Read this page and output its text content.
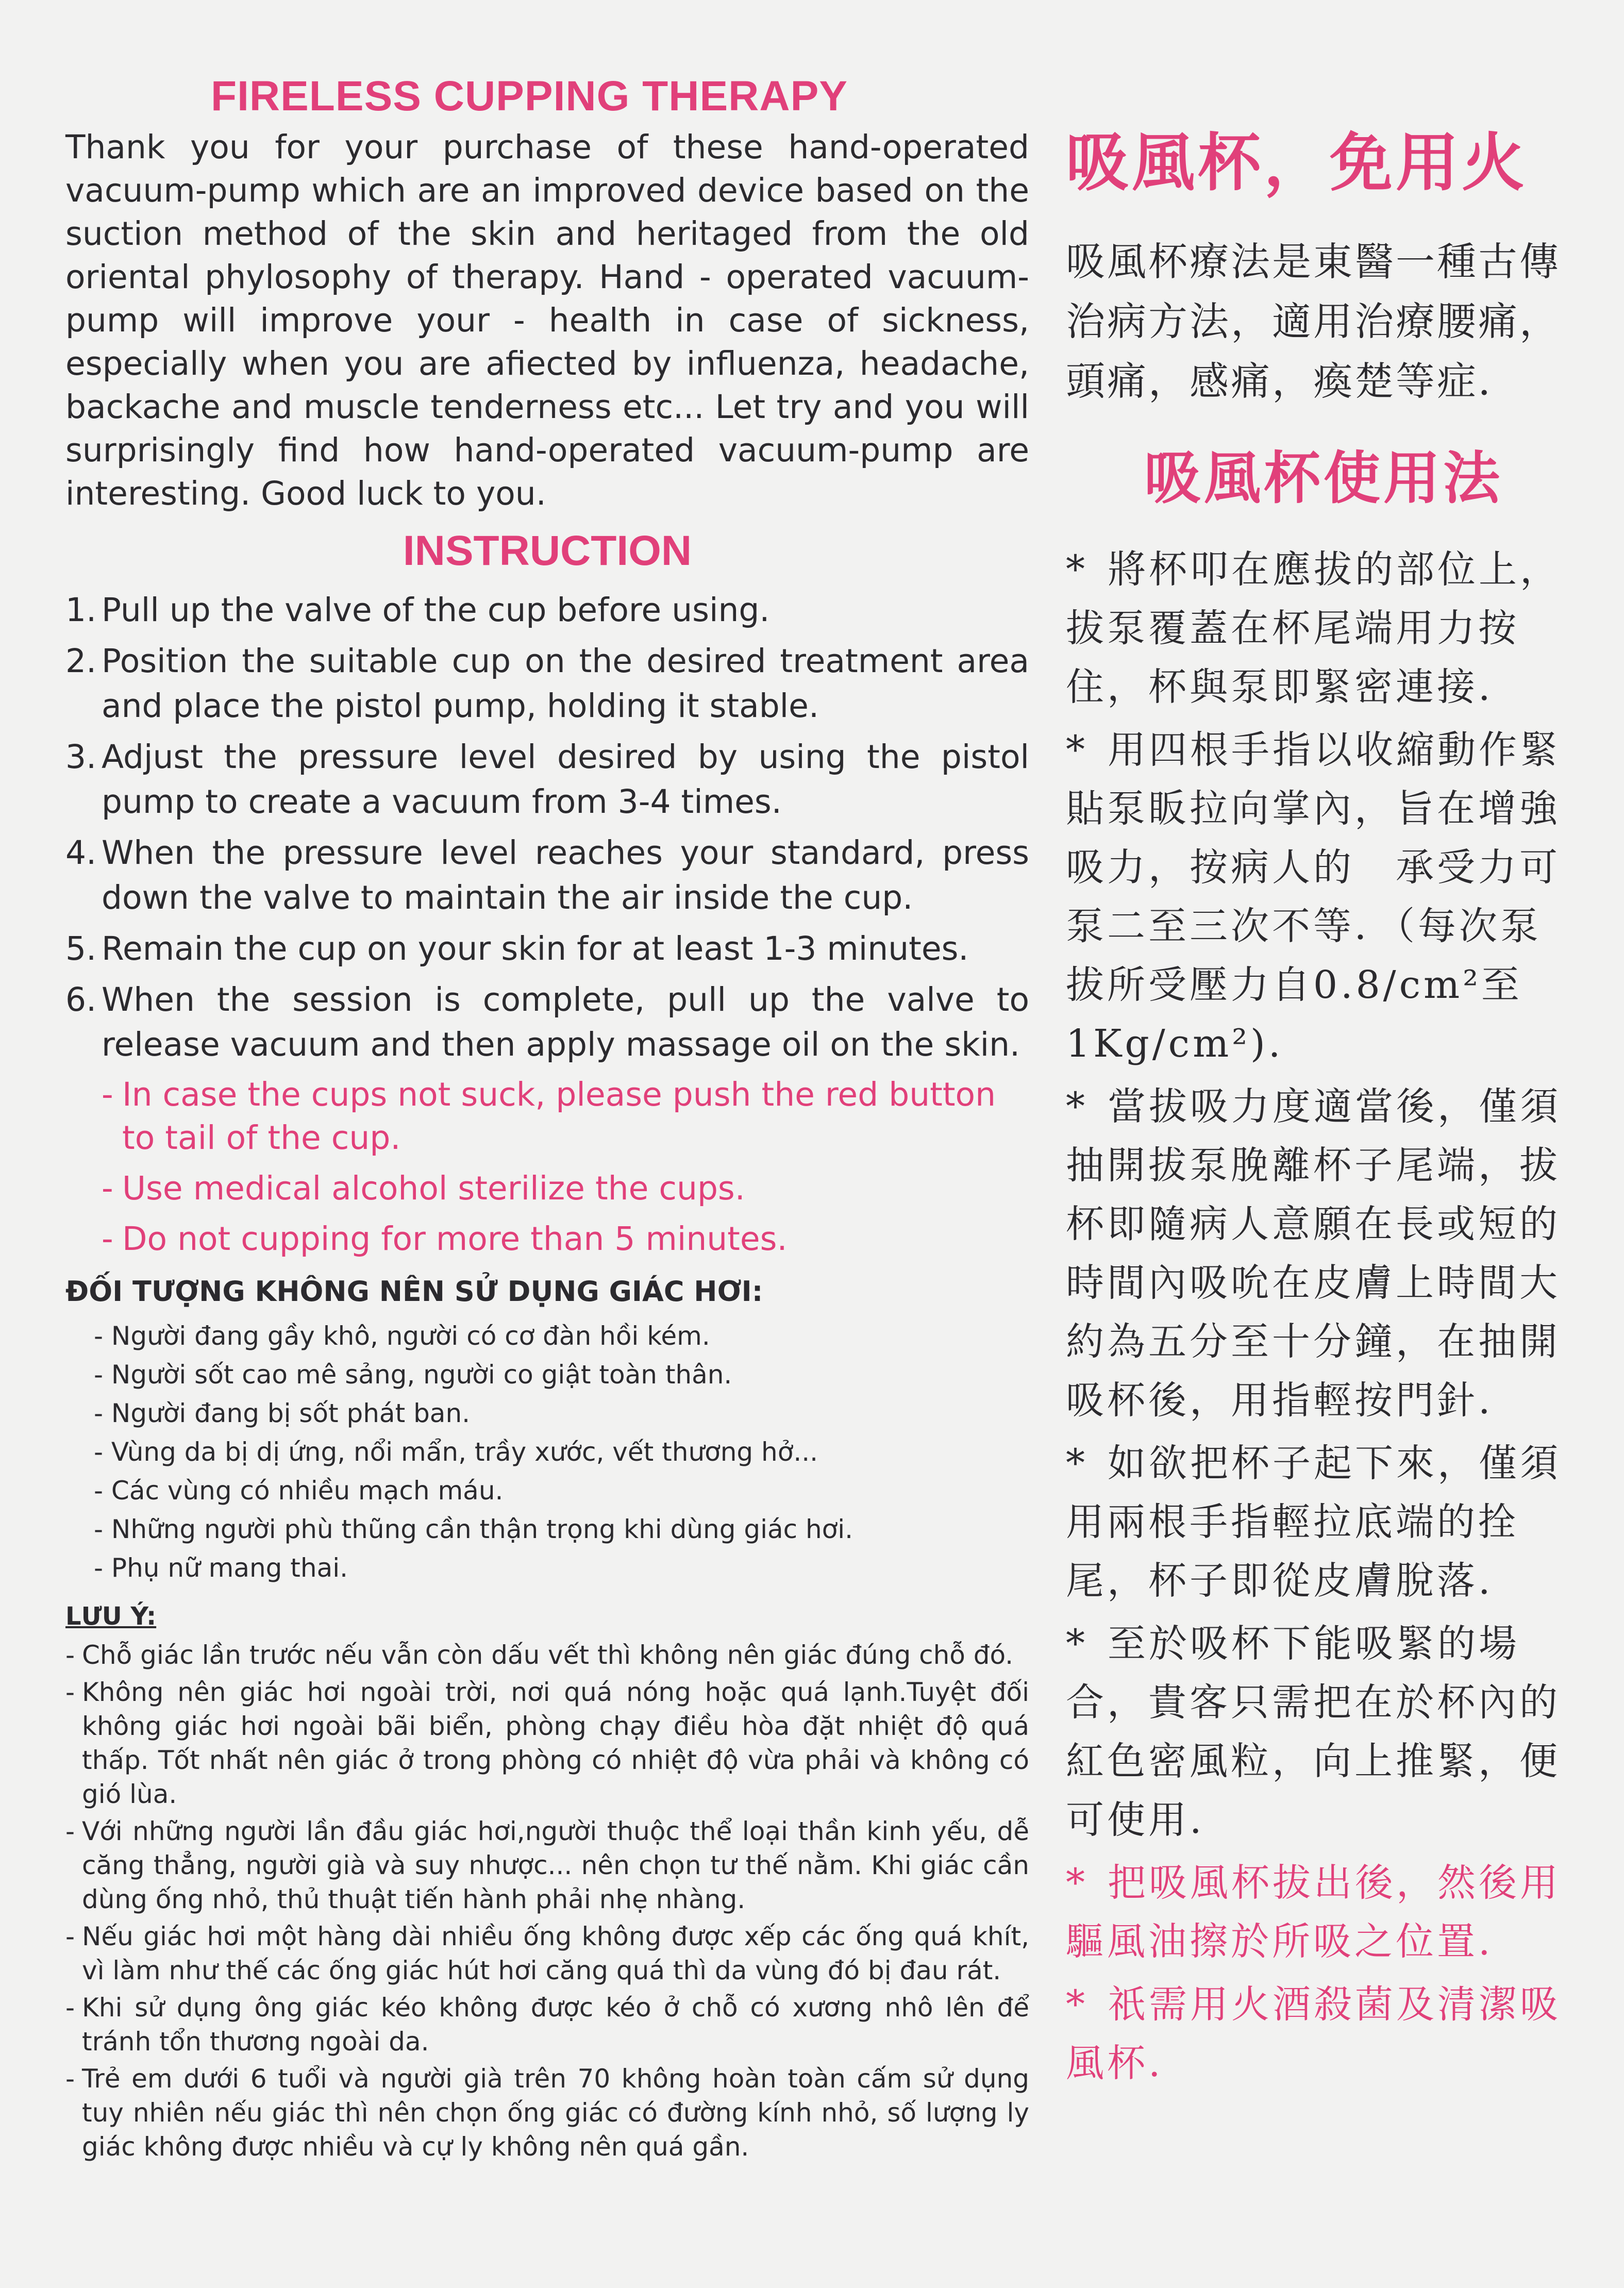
FIRELESS CUPPING THERAPY

Thank you for your purchase of these hand-operated vacuum-pump which are an improved device based on the suction method of the skin and heritaged from the old oriental phylosophy of therapy. Hand - operated vacuum-pump will improve your - health in case of sickness, especially when you are afiected by influenza, headache, backache and muscle tenderness etc... Let try and you will surprisingly find how hand-operated vacuum-pump are interesting. Good luck to you.

INSTRUCTION
1. Pull up the valve of the cup before using.
2. Position the suitable cup on the desired treatment area and place the pistol pump, holding it stable.
3. Adjust the pressure level desired by using the pistol pump to create a vacuum from 3-4 times.
4. When the pressure level reaches your standard, press down the valve to maintain the air inside the cup.
5. Remain the cup on your skin for at least 1-3 minutes.
6. When the session is complete, pull up the valve to release vacuum and then apply massage oil on the skin.
- In case the cups not suck, please push the red button to tail of the cup.
- Use medical alcohol sterilize the cups.
- Do not cupping for more than 5 minutes.
ĐỐI TƯỢNG KHÔNG NÊN SỬ DỤNG GIÁC HƠI:
- Người đang gầy khô, người có cơ đàn hồi kém.
- Người sốt cao mê sảng, người co giật toàn thân.
- Người đang bị sốt phát ban.
- Vùng da bị dị ứng, nổi mẩn, trầy xước, vết thương hở...
- Các vùng có nhiều mạch máu.
- Những người phù thũng cần thận trọng khi dùng giác hơi.
- Phụ nữ mang thai.
LƯU Ý:
- Chỗ giác lần trước nếu vẫn còn dấu vết thì không nên giác đúng chỗ đó.
- Không nên giác hơi ngoài trời, nơi quá nóng hoặc quá lạnh.Tuyệt đối không giác hơi ngoài bãi biển, phòng chạy điều hòa đặt nhiệt độ quá thấp. Tốt nhất nên giác ở trong phòng có nhiệt độ vừa phải và không có gió lùa.
- Với những người lần đầu giác hơi,người thuộc thể loại thần kinh yếu, dễ căng thẳng, người già và suy nhược... nên chọn tư thế nằm. Khi giác cần dùng ống nhỏ, thủ thuật tiến hành phải nhẹ nhàng.
- Nếu giác hơi một hàng dài nhiều ống không được xếp các ống quá khít, vì làm như thế các ống giác hút hơi căng quá thì da vùng đó bị đau rát.
- Khi sử dụng ông giác kéo không được kéo ở chỗ có xương nhô lên để tránh tổn thương ngoài da.
- Trẻ em dưới 6 tuổi và người già trên 70 không hoàn toàn cấm sử dụng tuy nhiên nếu giác thì nên chọn ống giác có đường kính nhỏ, số lượng ly giác không được nhiều và cự ly không nên quá gần.
吸風杯，免用火

吸風杯療法是東醫一種古傳治病方法，適用治療腰痛，頭痛，感痛，瘓楚等症．

吸風杯使用法
* 將杯叩在應拔的部位上，拔泵覆蓋在杯尾端用力按住，杯與泵即緊密連接.
* 用四根手指以收縮動作緊貼泵眅拉向掌內，旨在增強吸力，按病人的　承受力可泵二至三次不等．（每次泵拔所受壓力自0.8/cm²至1Kg/cm²).
* 當拔吸力度適當後，僅須抽開拔泵脕離杯子尾端，拔杯即隨病人意願在長或短的時間內吸吮在皮膚上時間大約為五分至十分鐘，在抽開吸杯後，用指輕按門針.
* 如欲把杯子起下來，僅須用兩根手指輕拉底端的拴尾，杯子即從皮膚脫落.
* 至於吸杯下能吸緊的場合，貴客只需把在於杯內的紅色密風粒，向上推緊，便可使用.
* 把吸風杯拔出後，然後用驅風油擦於所吸之位置.
* 祇需用火酒殺菌及清潔吸風杯.
